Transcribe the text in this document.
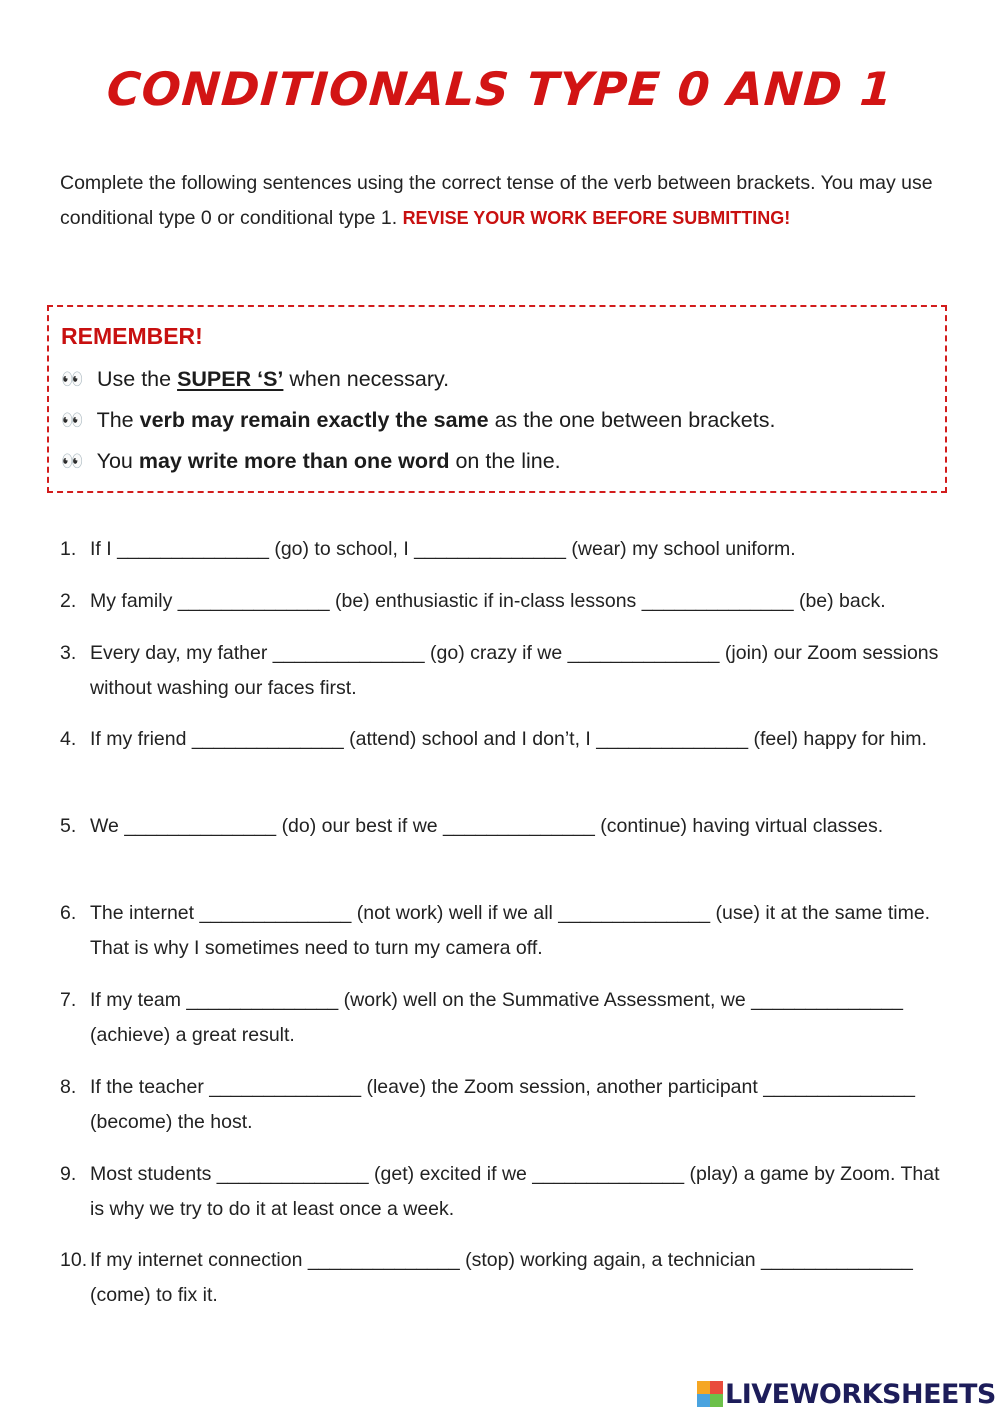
CONDITIONALS TYPE 0 AND 1
Complete the following sentences using the correct tense of the verb between brackets. You may use conditional type 0 or conditional type 1. REVISE YOUR WORK BEFORE SUBMITTING!
REMEMBER!
👀 Use the SUPER ‘S’ when necessary.
👀 The verb may remain exactly the same as the one between brackets.
👀 You may write more than one word on the line.
1. If I ______________ (go) to school, I ______________ (wear) my school uniform.
2. My family ______________ (be) enthusiastic if in-class lessons ______________ (be) back.
3. Every day, my father ______________ (go) crazy if we ______________ (join) our Zoom sessions without washing our faces first.
4. If my friend ______________ (attend) school and I don’t, I ______________ (feel) happy for him.
5. We ______________ (do) our best if we ______________ (continue) having virtual classes.
6. The internet ______________ (not work) well if we all ______________ (use) it at the same time. That is why I sometimes need to turn my camera off.
7. If my team ______________ (work) well on the Summative Assessment, we ______________ (achieve) a great result.
8. If the teacher ______________ (leave) the Zoom session, another participant ______________ (become) the host.
9. Most students ______________ (get) excited if we ______________ (play) a game by Zoom. That is why we try to do it at least once a week.
10. If my internet connection ______________ (stop) working again, a technician ______________ (come) to fix it.
LIVEWORKSHEETS
